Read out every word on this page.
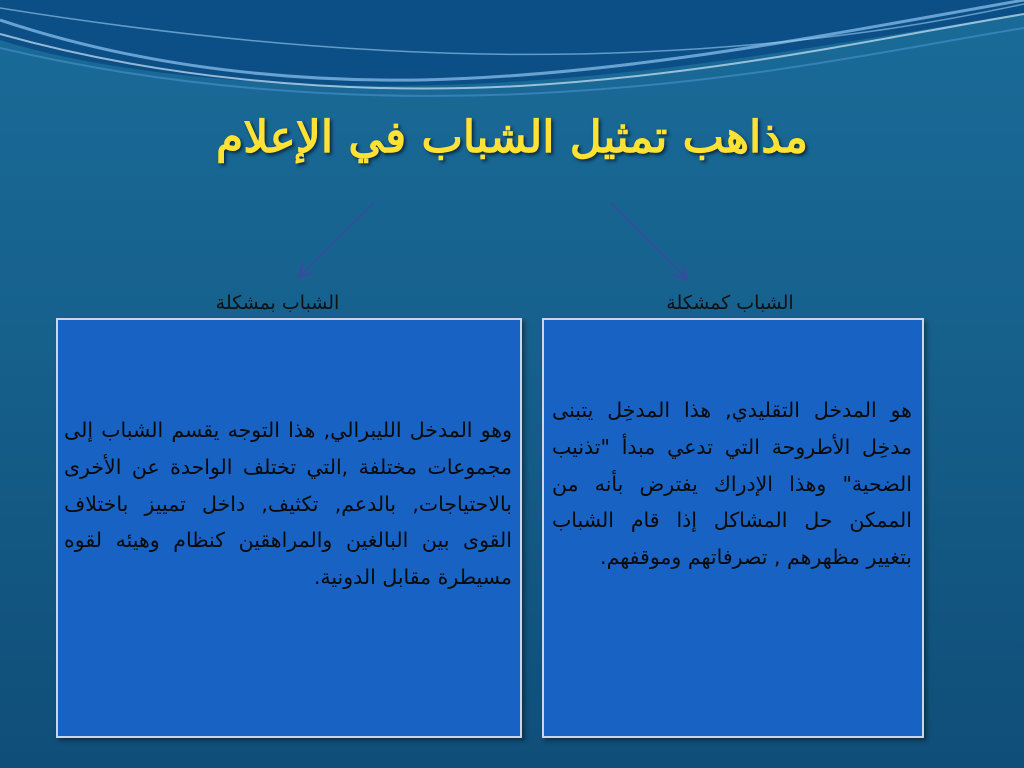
مذاهب تمثيل الشباب في الإعلام
الشباب بمشكلة	الشباب كمشكلة
وهو المدخل الليبرالي, هذا التوجه يقسم الشباب إلى مجموعات مختلفة ,التي تختلف الواحدة عن الأخرى بالاحتياجات, بالدعم, تكثيف, داخل تمييز باختلاف القوى بين البالغين والمراهقين كنظام وهيئه لقوه مسيطرة مقابل الدونية.
هو المدخل التقليدي, هذا المدخِل يتبنى مدخِل الأطروحة التي تدعي مبدأ "تذنيب الضحية" وهذا الإدراك يفترض بأنه من الممكن حل المشاكل إذا قام الشباب بتغيير مظهرهم , تصرفاتهم وموقفهم.
